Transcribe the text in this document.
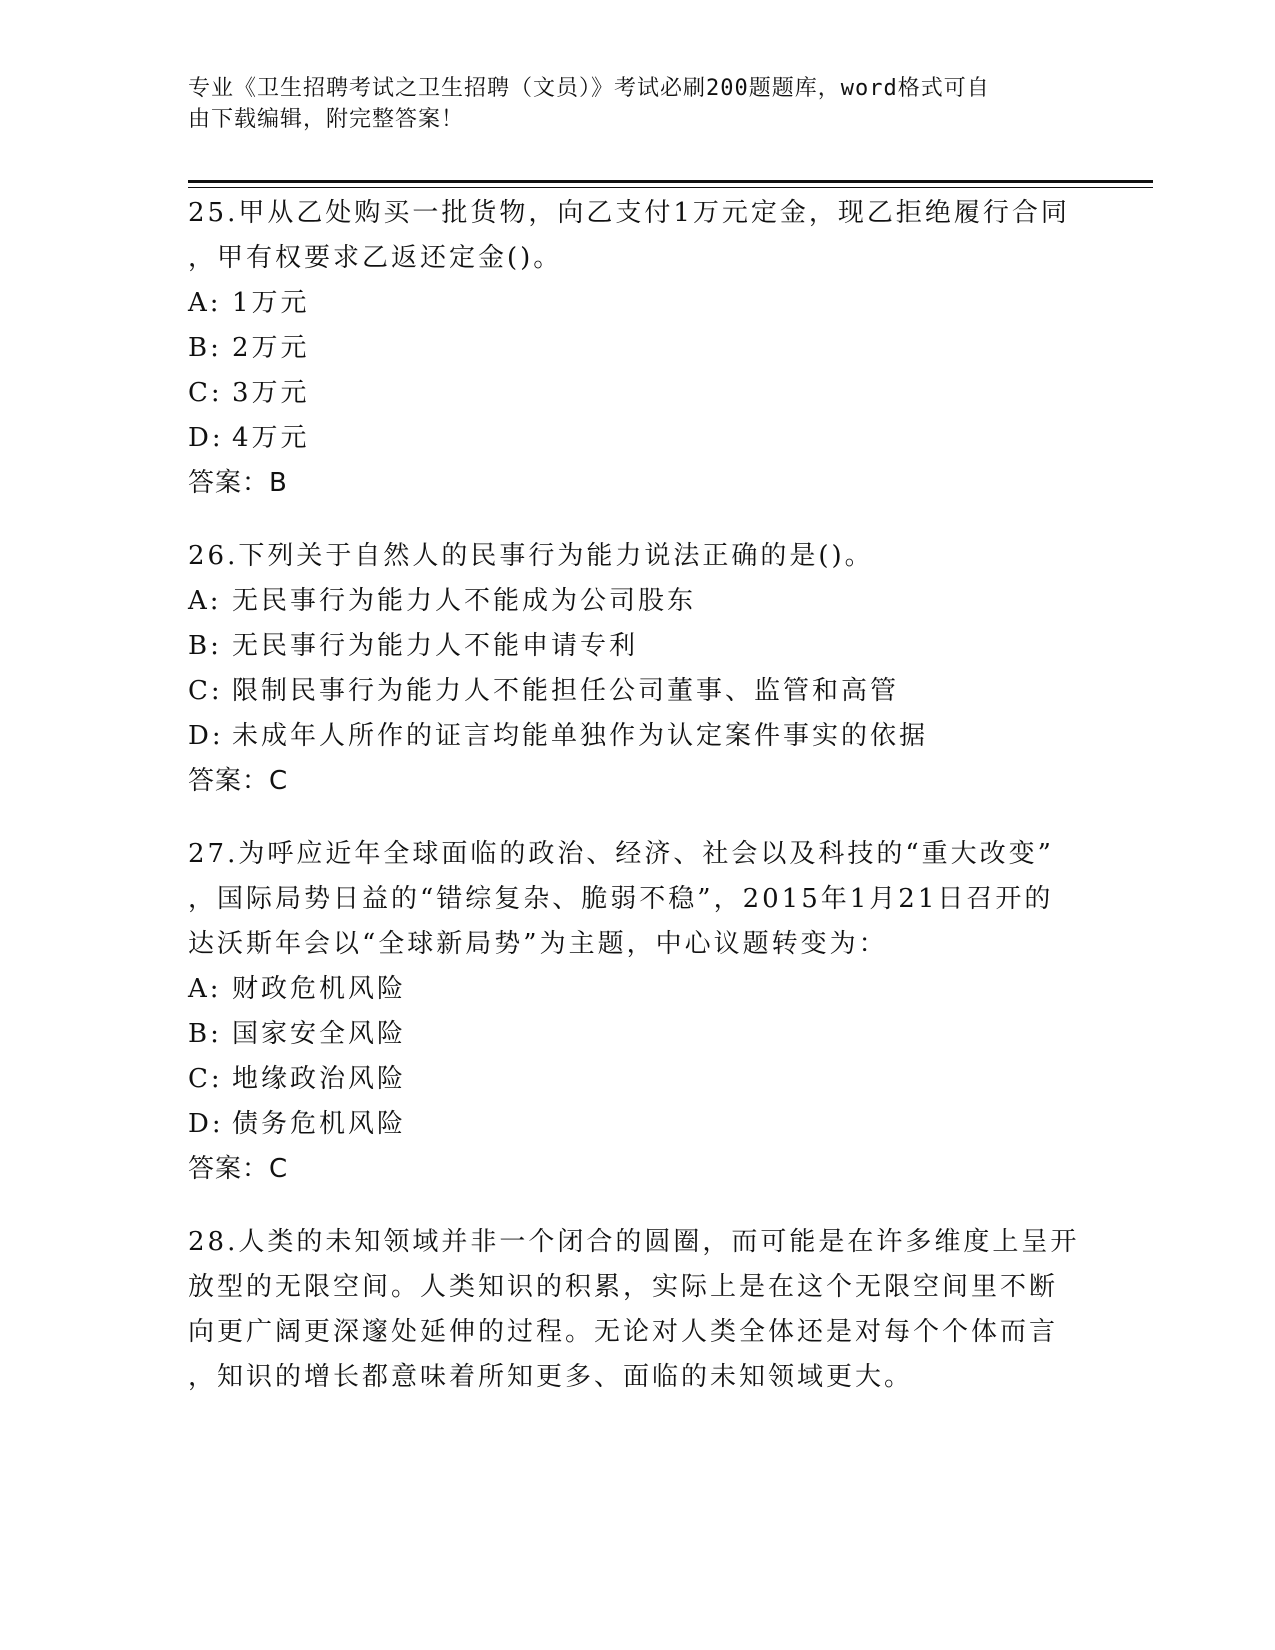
专业《卫生招聘考试之卫生招聘（文员）》考试必刷200题题库，word格式可自
由下载编辑，附完整答案！
25.甲从乙处购买一批货物，向乙支付1万元定金，现乙拒绝履行合同
，甲有权要求乙返还定金()。
A: 1万元
B: 2万元
C: 3万元
D: 4万元
答案：B
26.下列关于自然人的民事行为能力说法正确的是()。
A: 无民事行为能力人不能成为公司股东
B: 无民事行为能力人不能申请专利
C: 限制民事行为能力人不能担任公司董事、监管和高管
D: 未成年人所作的证言均能单独作为认定案件事实的依据
答案：C
27.为呼应近年全球面临的政治、经济、社会以及科技的“重大改变”
，国际局势日益的“错综复杂、脆弱不稳”，2015年1月21日召开的
达沃斯年会以“全球新局势”为主题，中心议题转变为：
A: 财政危机风险
B: 国家安全风险
C: 地缘政治风险
D: 债务危机风险
答案：C
28.人类的未知领域并非一个闭合的圆圈，而可能是在许多维度上呈开
放型的无限空间。人类知识的积累，实际上是在这个无限空间里不断
向更广阔更深邃处延伸的过程。无论对人类全体还是对每个个体而言
，知识的增长都意味着所知更多、面临的未知领域更大。
